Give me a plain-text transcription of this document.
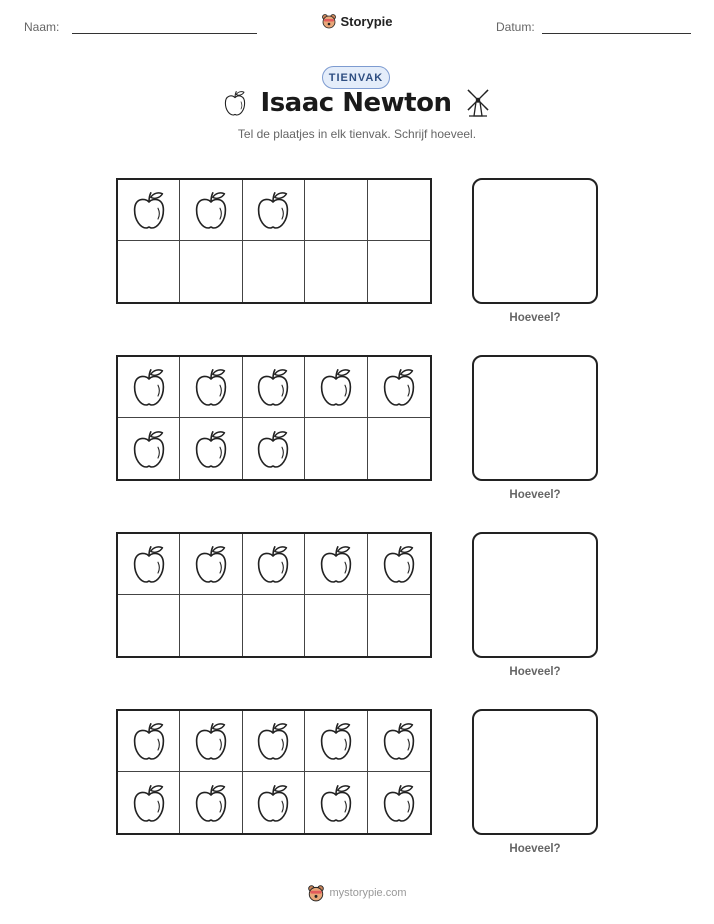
Naam:	Storypie	Datum:
TIENVAK
Isaac Newton
Tel de plaatjes in elk tienvak. Schrijf hoeveel.
Hoeveel?
Hoeveel?
Hoeveel?
Hoeveel?
mystorypie.com
